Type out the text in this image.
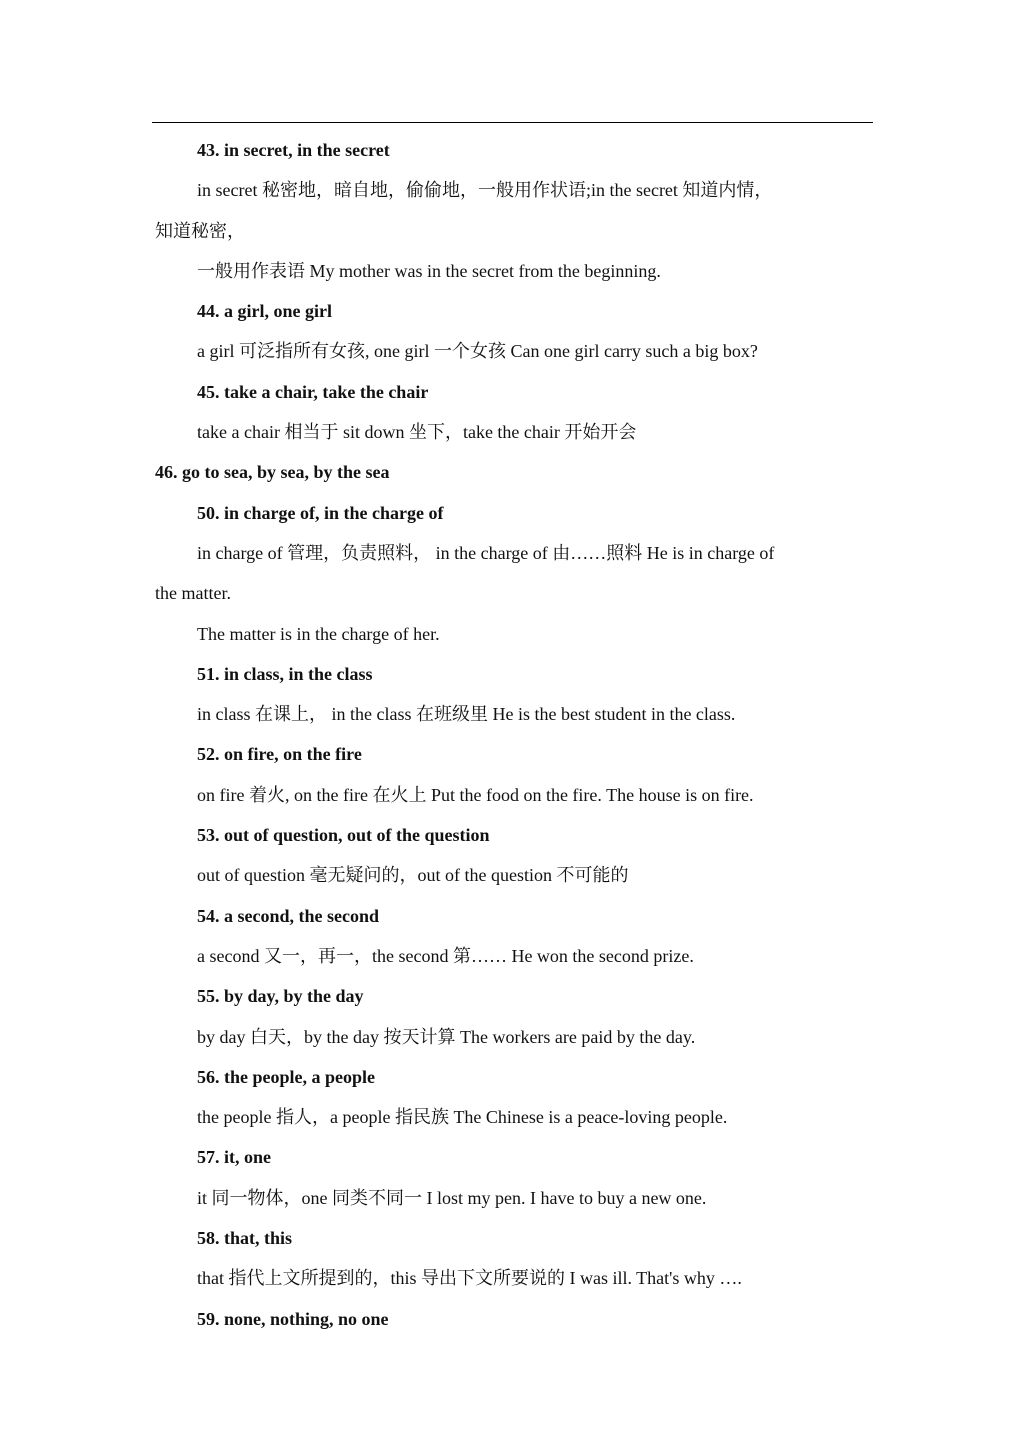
43. in secret, in the secret
in secret 秘密地，暗自地，偷偷地，一般用作状语;in the secret 知道内情，
知道秘密，
一般用作表语 My mother was in the secret from the beginning.
44. a girl, one girl
a girl 可泛指所有女孩, one girl 一个女孩 Can one girl carry such a big box?
45. take a chair, take the chair
take a chair 相当于 sit down 坐下，take the chair 开始开会
46. go to sea, by sea, by the sea
50. in charge of, in the charge of
in charge of 管理，负责照料， in the charge of 由……照料 He is in charge of
the matter.
The matter is in the charge of her.
51. in class, in the class
in class 在课上， in the class 在班级里 He is the best student in the class.
52. on fire, on the fire
on fire 着火, on the fire 在火上 Put the food on the fire. The house is on fire.
53. out of question, out of the question
out of question 毫无疑问的，out of the question 不可能的
54. a second, the second
a second 又一，再一，the second 第…… He won the second prize.
55. by day, by the day
by day 白天，by the day 按天计算 The workers are paid by the day.
56. the people, a people
the people 指人，a people 指民族 The Chinese is a peace-loving people.
57. it, one
it 同一物体，one 同类不同一 I lost my pen. I have to buy a new one.
58. that, this
that 指代上文所提到的，this 导出下文所要说的 I was ill. That's why ….
59. none, nothing, no one
